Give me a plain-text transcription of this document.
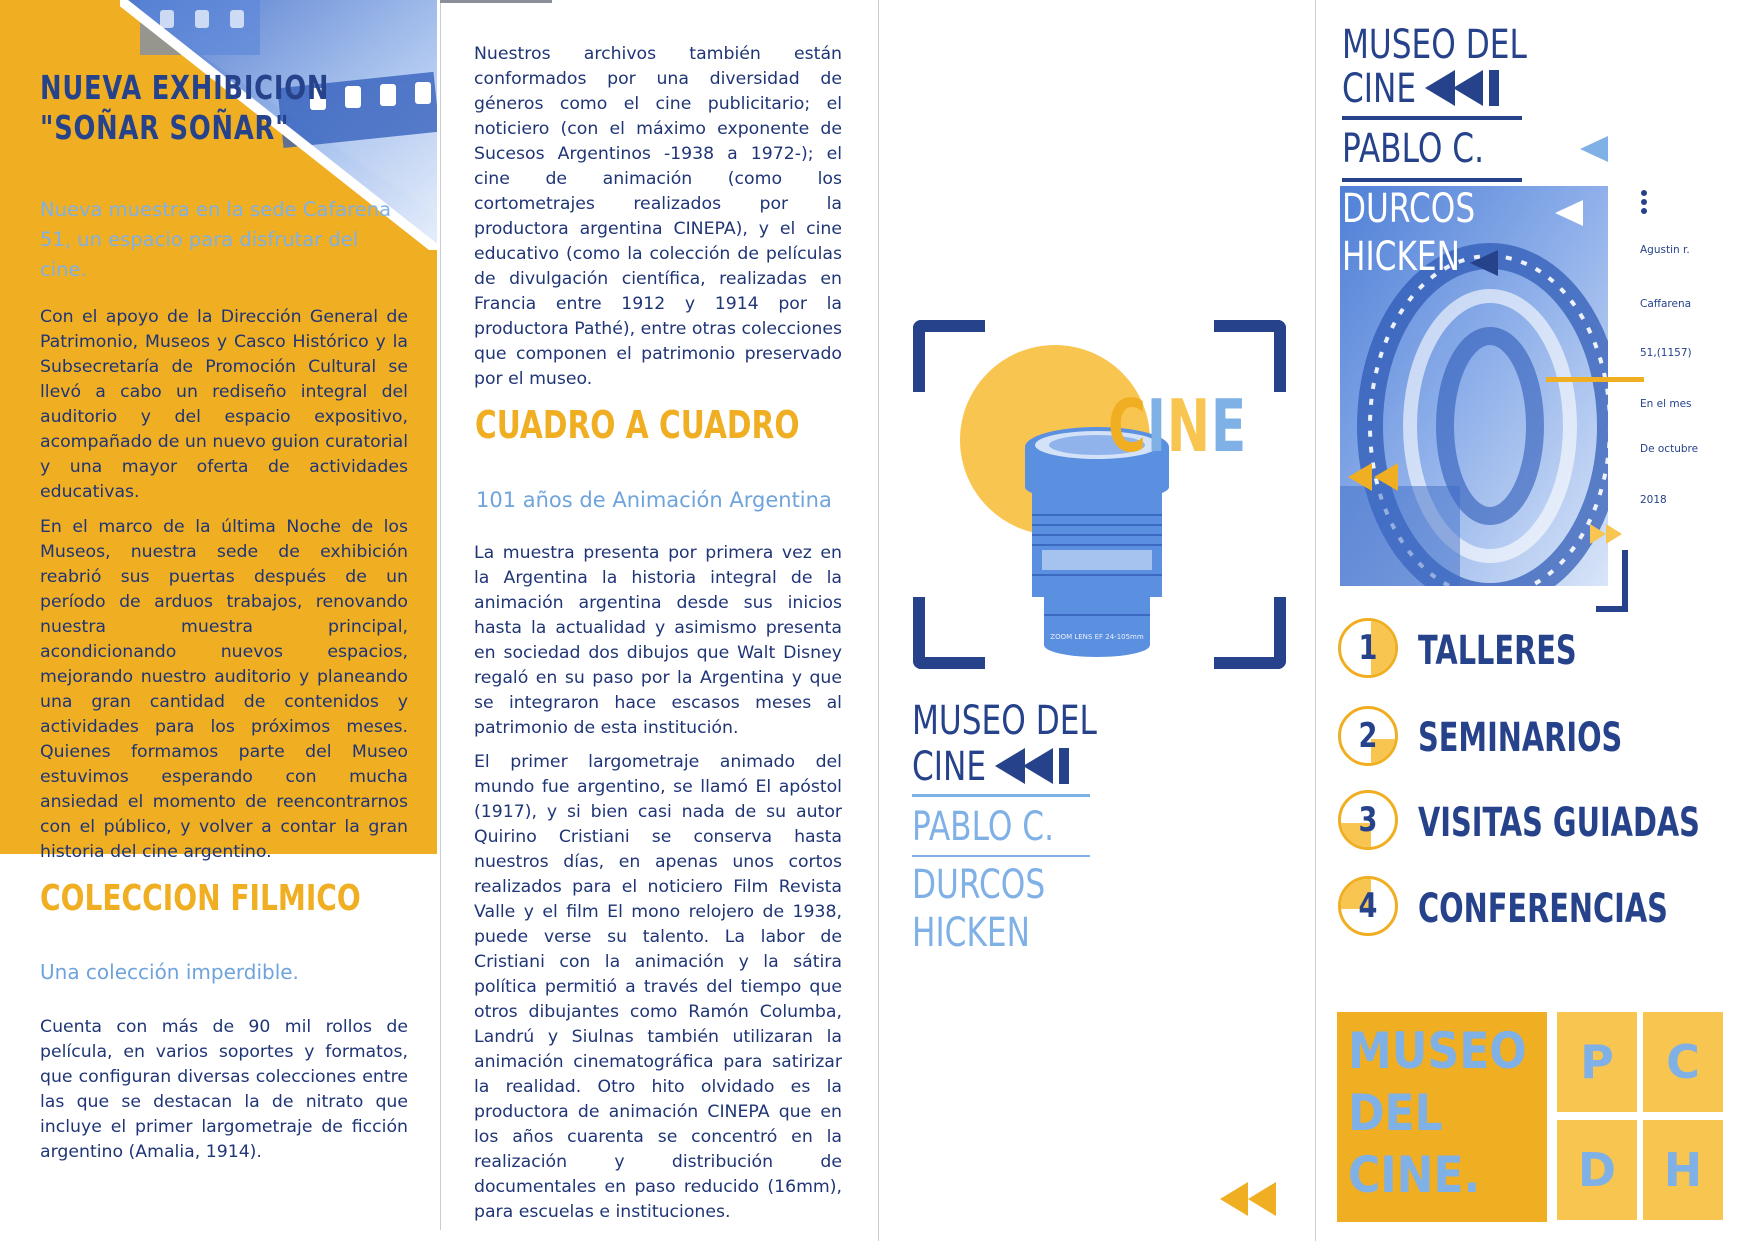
NUEVA EXHIBICION
"SOÑAR SOÑAR"
Nueva muestra en la sede Cafarena 51, un espacio para disfrutar del cine.
Con el apoyo de la Dirección General de Patrimonio, Museos y Casco Histórico y la Subsecretaría de Promoción Cultural se llevó a cabo un rediseño integral del auditorio y del espacio expositivo, acompañado de un nuevo guion curatorial y una mayor oferta de actividades educativas.
En el marco de la última Noche de los Museos, nuestra sede de exhibición reabrió sus puertas después de un período de arduos trabajos, renovando nuestra muestra principal, acondicionando nuevos espacios, mejorando nuestro auditorio y planeando una gran cantidad de contenidos y actividades para los próximos meses. Quienes formamos parte del Museo estuvimos esperando con mucha ansiedad el momento de reencontrarnos con el público, y volver a contar la gran historia del cine argentino.
COLECCION FILMICO
Una colección imperdible.
Cuenta con más de 90 mil rollos de película, en varios soportes y formatos, que configuran diversas colecciones entre las que se destacan la de nitrato que incluye el primer largometraje de ficción argentino (Amalia, 1914).
Nuestros archivos también están conformados por una diversidad de géneros como el cine publicitario; el noticiero (con el máximo exponente de Sucesos Argentinos -1938 a 1972-); el cine de animación (como los cortometrajes realizados por la productora argentina CINEPA), y el cine educativo (como la colección de películas de divulgación científica, realizadas en Francia entre 1912 y 1914 por la productora Pathé), entre otras colecciones que componen el patrimonio preservado por el museo.
CUADRO A CUADRO
101 años de Animación Argentina
La muestra presenta por primera vez en la Argentina la historia integral de la animación argentina desde sus inicios hasta la actualidad y asimismo presenta en sociedad dos dibujos que Walt Disney regaló en su paso por la Argentina y que se integraron hace escasos meses al patrimonio de esta institución.
El primer largometraje animado del mundo fue argentino, se llamó El apóstol (1917), y si bien casi nada de su autor Quirino Cristiani se conserva hasta nuestros días, en apenas unos cortos realizados para el noticiero Film Revista Valle y el film El mono relojero de 1938, puede verse su talento. La labor de Cristiani con la animación y la sátira política permitió a través del tiempo que otros dibujantes como Ramón Columba, Landrú y Siulnas también utilizaran la animación cinematográfica para satirizar la realidad. Otro hito olvidado es la productora de animación CINEPA que en los años cuarenta se concentró en la realización y distribución de documentales en paso reducido (16mm), para escuelas e instituciones.
ZOOM LENS EF 24-105mm
CINE
MUSEO DEL
CINE
PABLO C.
DURCOS
HICKEN
MUSEO DEL
CINE
PABLO C.
DURCOS
HICKEN	Agustin r.
Caffarena
51,(1157)
En el mes
De octubre
2018
1	TALLERES
2	SEMINARIOS
3	VISITAS GUIADAS
4	CONFERENCIAS
MUSEO
DEL
CINE.
P	C
D	H
